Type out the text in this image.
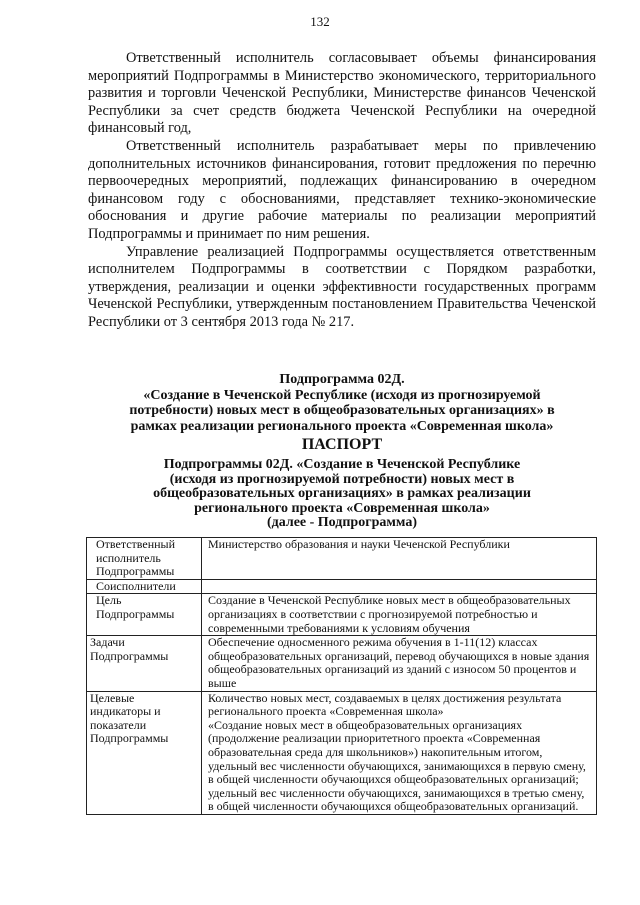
132

Ответственный исполнитель согласовывает объемы финансирования мероприятий Подпрограммы в Министерство экономического, территориального развития и торговли Чеченской Республики, Министерстве финансов Чеченской Республики за счет средств бюджета Чеченской Республики на очередной финансовый год,

Ответственный исполнитель разрабатывает меры по привлечению дополнительных источников финансирования, готовит предложения по перечню первоочередных мероприятий, подлежащих финансированию в очередном финансовом году с обоснованиями, представляет технико-экономические обоснования и другие рабочие материалы по реализации мероприятий Подпрограммы и принимает по ним решения.

Управление реализацией Подпрограммы осуществляется ответственным исполнителем Подпрограммы в соответствии с Порядком разработки, утверждения, реализации и оценки эффективности государственных программ Чеченской Республики, утвержденным постановлением Правительства Чеченской Республики от 3 сентября 2013 года № 217.

Подпрограмма 02Д.
«Создание в Чеченской Республике (исходя из прогнозируемой
потребности) новых мест в общеобразовательных организациях» в
рамках реализации регионального проекта «Современная школа»
ПАСПОРТ
Подпрограммы 02Д. «Создание в Чеченской Республике
(исходя из прогнозируемой потребности) новых мест в
общеобразовательных организациях» в рамках реализации
регионального проекта «Современная школа»
(далее - Подпрограмма)
Ответственный исполнитель Подпрограммы	Министерство образования и науки Чеченской Республики

Соисполнители	

Цель Подпрограммы	Создание в Чеченской Республике новых мест в общеобразовательных организациях в соответствии с прогнозируемой потребностью и современными требованиями к условиям обучения

Задачи Подпрограммы	Обеспечение односменного режима обучения в 1-11(12) классах общеобразовательных организаций, перевод обучающихся в новые здания общеобразовательных организаций из зданий с износом 50 процентов и выше

Целевые индикаторы и показатели Подпрограммы	Количество новых мест, создаваемых в целях достижения результата регионального проекта «Современная школа»
«Создание новых мест в общеобразовательных организациях (продолжение реализации приоритетного проекта «Современная образовательная среда для школьников») накопительным итогом,
удельный вес численности обучающихся, занимающихся в первую смену, в общей численности обучающихся общеобразовательных организаций;
удельный вес численности обучающихся, занимающихся в третью смену, в общей численности обучающихся общеобразовательных организаций.
